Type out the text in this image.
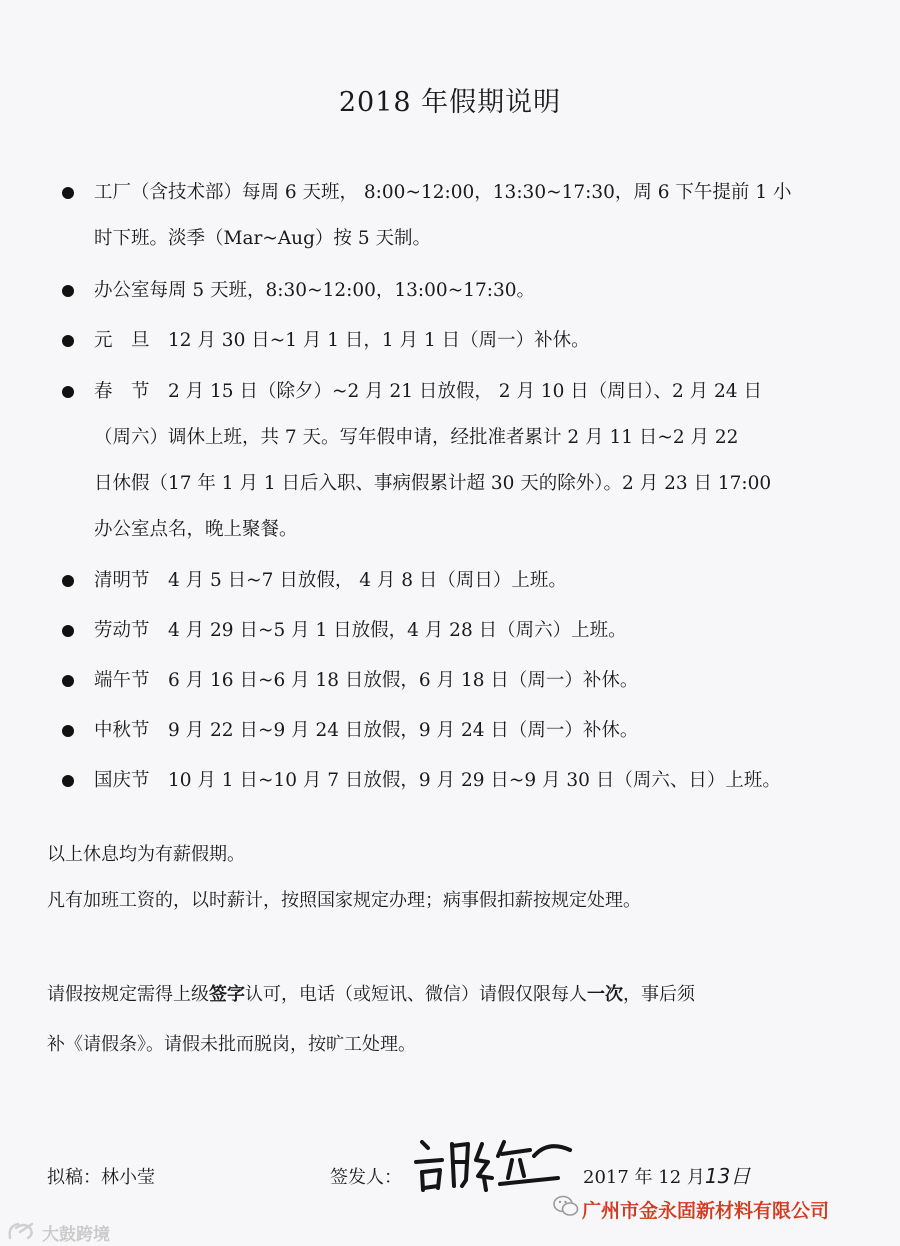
2018 年假期说明
工厂（含技术部）每周 6 天班， 8:00~12:00，13:30~17:30，周 6 下午提前 1 小
时下班。淡季（Mar~Aug）按 5 天制。
办公室每周 5 天班，8:30~12:00，13:00~17:30。
元　旦　12 月 30 日~1 月 1 日，1 月 1 日（周一）补休。
春　节　2 月 15 日（除夕）~2 月 21 日放假， 2 月 10 日（周日）、2 月 24 日
（周六）调休上班，共 7 天。写年假申请，经批准者累计 2 月 11 日~2 月 22
日休假（17 年 1 月 1 日后入职、事病假累计超 30 天的除外）。2 月 23 日 17:00
办公室点名，晚上聚餐。
清明节　4 月 5 日~7 日放假， 4 月 8 日（周日）上班。
劳动节　4 月 29 日~5 月 1 日放假，4 月 28 日（周六）上班。
端午节　6 月 16 日~6 月 18 日放假，6 月 18 日（周一）补休。
中秋节　9 月 22 日~9 月 24 日放假，9 月 24 日（周一）补休。
国庆节　10 月 1 日~10 月 7 日放假，9 月 29 日~9 月 30 日（周六、日）上班。
以上休息均为有薪假期。
凡有加班工资的，以时薪计，按照国家规定办理；病事假扣薪按规定处理。
请假按规定需得上级签字认可，电话（或短讯、微信）请假仅限每人一次，事后须
补《请假条》。请假未批而脱岗，按旷工处理。
拟稿：林小莹	签发人：	2017 年 12 月13日
广州市金永固新材料有限公司
大鼓跨境
